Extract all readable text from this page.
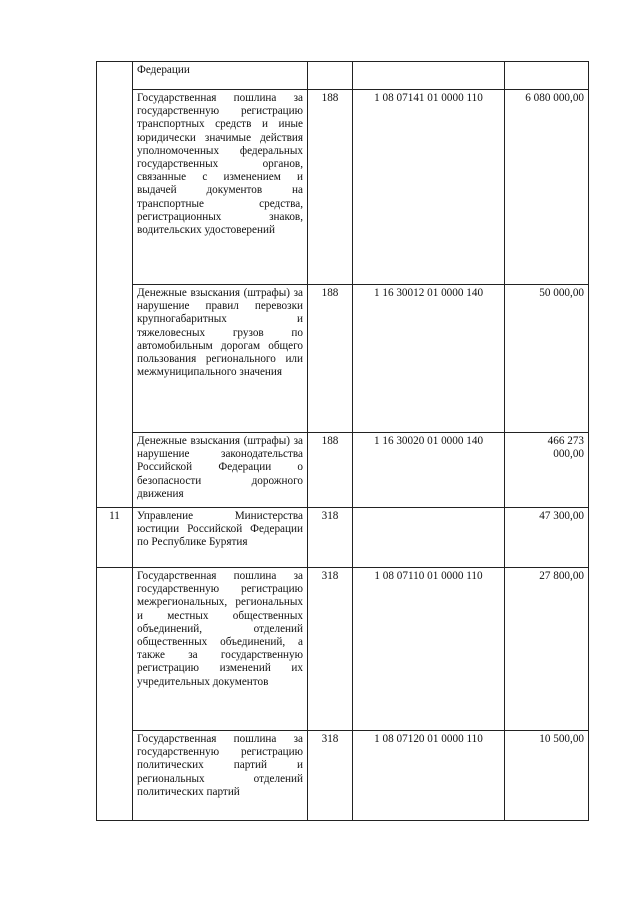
	Федерации			
	Государственная пошлина за государственную регистрацию транспортных средств и иные юридически значимые действия уполномоченных федеральных государственных органов, связанные с изменением и выдачей документов на транспортные средства, регистрационных знаков, водительских удостоверений	188	1 08 07141 01 0000 110	6 080 000,00
	Денежные взыскания (штрафы) за нарушение правил перевозки крупногабаритных и тяжеловесных грузов по автомобильным дорогам общего пользования регионального или межмуниципального значения	188	1 16 30012 01 0000 140	50 000,00
	Денежные взыскания (штрафы) за нарушение законодательства Российской Федерации о безопасности дорожного движения	188	1 16 30020 01 0000 140	466 273 000,00
11	Управление Министерства юстиции Российской Федерации по Республике Бурятия	318		47 300,00
	Государственная пошлина за государственную регистрацию межрегиональных, региональных и местных общественных объединений, отделений общественных объединений, а также за государственную регистрацию изменений их учредительных документов	318	1 08 07110 01 0000 110	27 800,00
	Государственная пошлина за государственную регистрацию политических партий и региональных отделений политических партий	318	1 08 07120 01 0000 110	10 500,00
